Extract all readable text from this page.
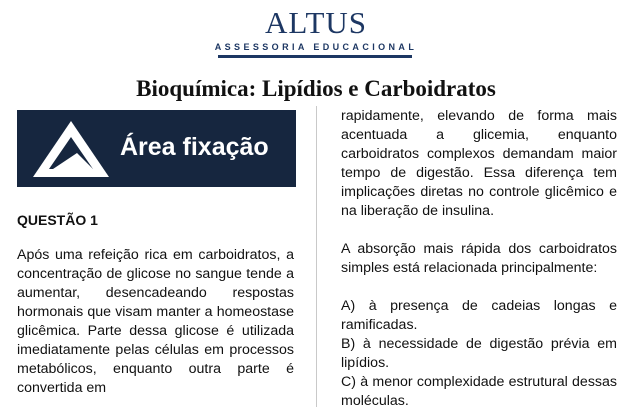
ALTUS
ASSESSORIA EDUCACIONAL
Bioquímica: Lipídios e Carboidratos
Área fixação
QUESTÃO 1

Após uma refeição rica em carboidratos, a concentração de glicose no sangue tende a aumentar, desencadeando respostas hormonais que visam manter a homeostase glicêmica. Parte dessa glicose é utilizada imediatamente pelas células em processos metabólicos, enquanto outra parte é convertida em

rapidamente, elevando de forma mais acentuada a glicemia, enquanto carboidratos complexos demandam maior tempo de digestão. Essa diferença tem implicações diretas no controle glicêmico e na liberação de insulina.

A absorção mais rápida dos carboidratos simples está relacionada principalmente:

A) à presença de cadeias longas e ramificadas.

B) à necessidade de digestão prévia em lipídios.

C) à menor complexidade estrutural dessas moléculas.
